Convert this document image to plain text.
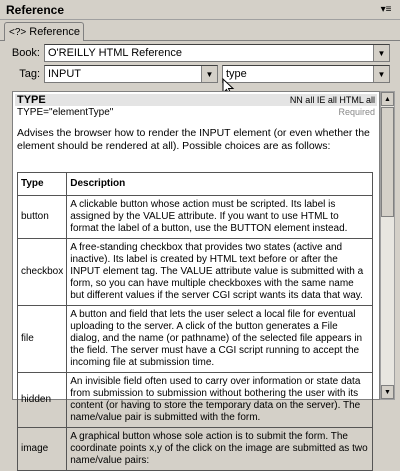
Reference	▾≡
<?> Reference
Book: O'REILLY HTML Reference	▼
Tag: INPUT	▼	type	▼
TYPE	NN all IE all HTML all
TYPE="elementType"	Required
Advises the browser how to render the INPUT element (or even whether the element should be rendered at all). Possible choices are as follows:
Type	Description
button	A clickable button whose action must be scripted. Its label is assigned by the VALUE attribute. If you want to use HTML to format the label of a button, use the BUTTON element instead.
checkbox	A free-standing checkbox that provides two states (active and inactive). Its label is created by HTML text before or after the INPUT element tag. The VALUE attribute value is submitted with a form, so you can have multiple checkboxes with the same name but different values if the server CGI script wants its data that way.
file	A button and field that lets the user select a local file for eventual uploading to the server. A click of the button generates a File dialog, and the name (or pathname) of the selected file appears in the field. The server must have a CGI script running to accept the incoming file at submission time.
hidden	An invisible field often used to carry over information or state data from submission to submission without bothering the user with its content (or having to store the temporary data on the server). The name/value pair is submitted with the form.
image	A graphical button whose sole action is to submit the form. The coordinate points x,y of the click on the image are submitted as two name/value pairs:
▲
▼
